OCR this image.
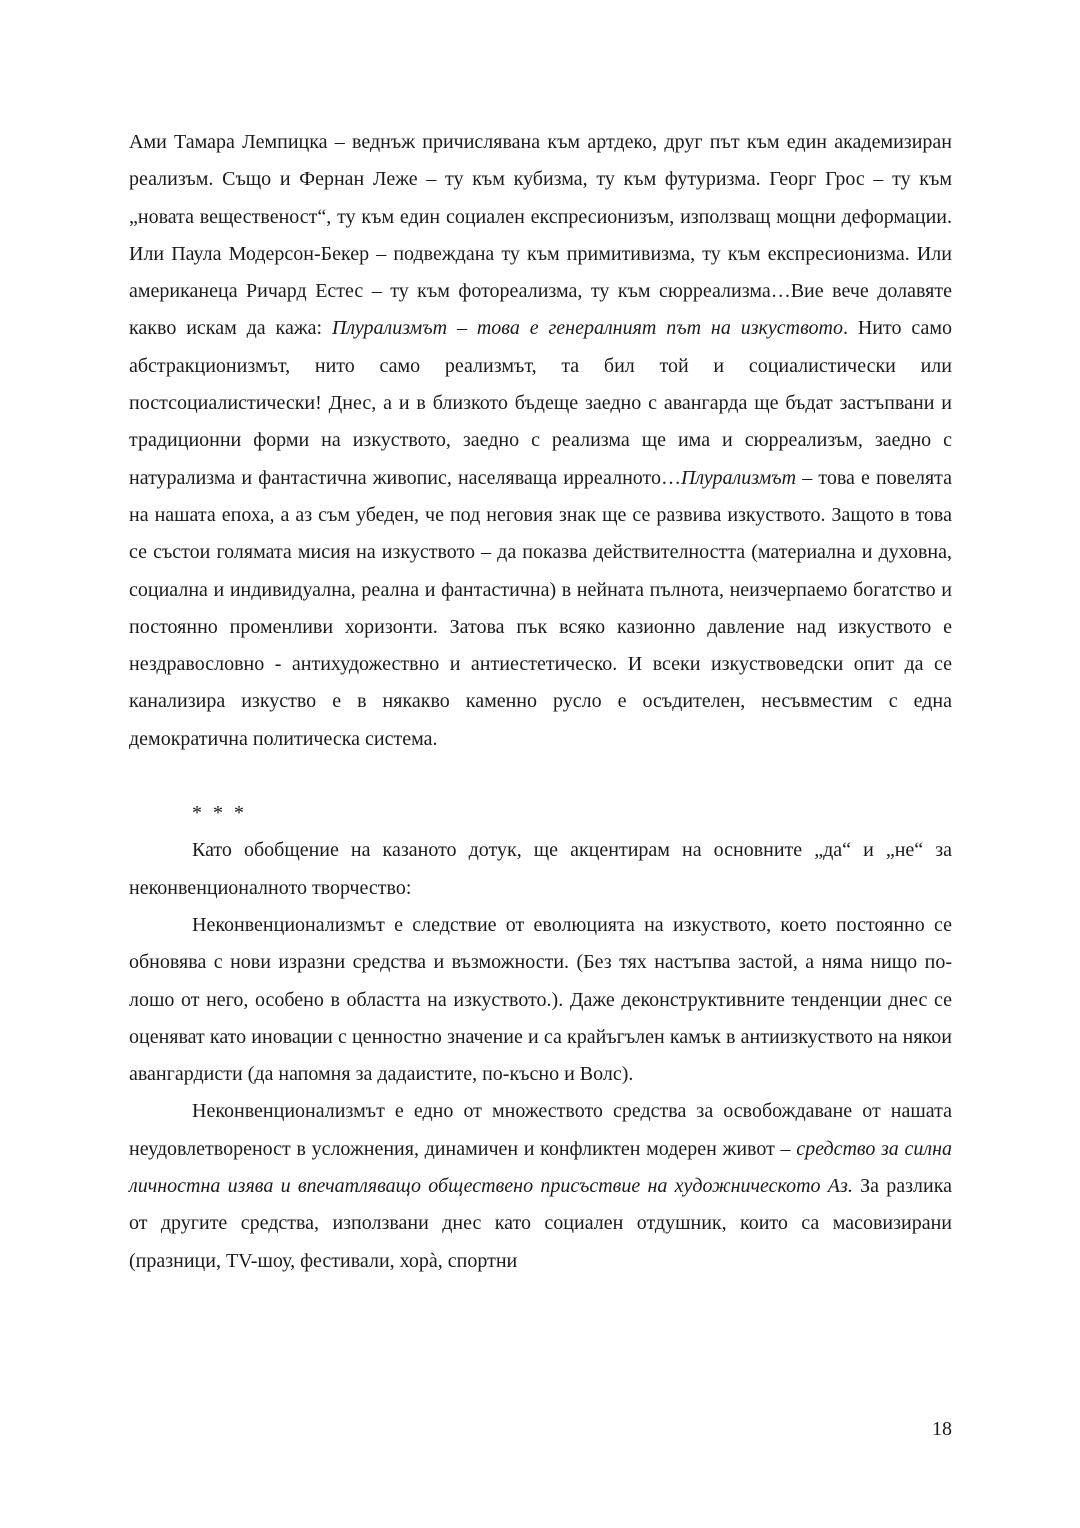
Ами Тамара Лемпицка – веднъж причислявана към артдеко, друг път към един академизиран реализъм. Също и Фернан Леже – ту към кубизма, ту към футуризма. Георг Грос – ту към „новата вещественост“, ту към един социален експресионизъм, използващ мощни деформации. Или Паула Модерсон-Бекер – подвеждана ту към примитивизма, ту към експресионизма. Или американеца Ричард Естес – ту към фотореализма, ту към сюрреализма…Вие вече долавяте какво искам да кажа: Плурализмът – това е генералният път на изкуството. Нито само абстракционизмът, нито само реализмът, та бил той и социалистически или постсоциалистически! Днес, а и в близкото бъдеще заедно с авангарда ще бъдат застъпвани и традиционни форми на изкуството, заедно с реализма ще има и сюрреализъм, заедно с натурализма и фантастична живопис, населяваща ирреалното…Плурализмът – това е повелята на нашата епоха, а аз съм убеден, че под неговия знак ще се развива изкуството. Защото в това се състои голямата мисия на изкуството – да показва действителността (материална и духовна, социална и индивидуална, реална и фантастична) в нейната пълнота, неизчерпаемо богатство и постоянно променливи хоризонти. Затова пък всяко казионно давление над изкуството е нездравословно - антихудожествно и антиестетическо. И всеки изкуствоведски опит да се канализира изкуство е в някакво каменно русло е осъдителен, несъвместим с една демократична политическа система.

* * *

Като обобщение на казаното дотук, ще акцентирам на основните „да“ и „не“ за неконвенционалното творчество:

Неконвенционализмът е следствие от еволюцията на изкуството, което постоянно се обновява с нови изразни средства и възможности. (Без тях настъпва застой, а няма нищо по-лошо от него, особено в областта на изкуството.). Даже деконструктивните тенденции днес се оценяват като иновации с ценностно значение и са крайъгълен камък в антиизкуството на някои авангардисти (да напомня за дадаистите, по-късно и Волс).

Неконвенционализмът е едно от множеството средства за освобождаване от нашата неудовлетвореност в усложнения, динамичен и конфликтен модерен живот – средство за силна личностна изява и впечатляващо обществено присъствие на художническото Аз. За разлика от другите средства, използвани днес като социален отдушник, които са масовизирани (празници, TV-шоу, фестивали, хорà, спортни

18
